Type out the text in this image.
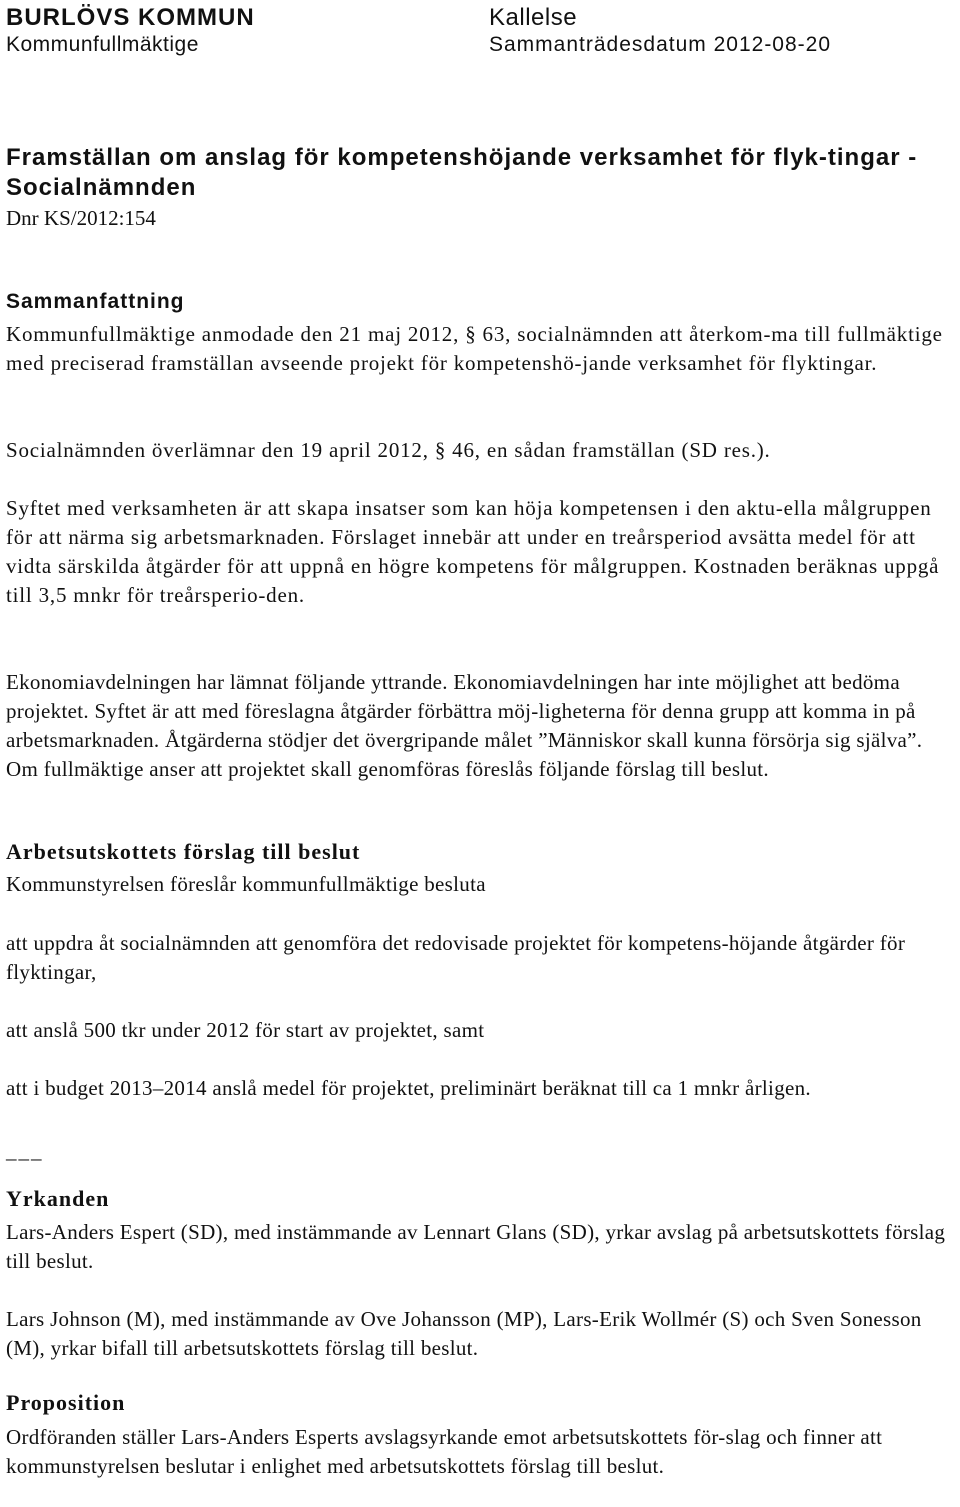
BURLÖVS KOMMUN
Kommunfullmäktige
Kallelse
Sammanträdesdatum 2012-08-20
Framställan om anslag för kompetenshöjande verksamhet för flyk-tingar - Socialnämnden
Dnr KS/2012:154
Sammanfattning
Kommunfullmäktige anmodade den 21 maj 2012, § 63, socialnämnden att återkom-ma till fullmäktige med preciserad framställan avseende projekt för kompetenshö-jande verksamhet för flyktingar.
Socialnämnden överlämnar den 19 april 2012, § 46, en sådan framställan (SD res.).
Syftet med verksamheten är att skapa insatser som kan höja kompetensen i den aktu-ella målgruppen för att närma sig arbetsmarknaden. Förslaget innebär att under en treårsperiod avsätta medel för att vidta särskilda åtgärder för att uppnå en högre kompetens för målgruppen. Kostnaden beräknas uppgå till 3,5 mnkr för treårsperio-den.
Ekonomiavdelningen har lämnat följande yttrande. Ekonomiavdelningen har inte möjlighet att bedöma projektet. Syftet är att med föreslagna åtgärder förbättra möj-ligheterna för denna grupp att komma in på arbetsmarknaden. Åtgärderna stödjer det övergripande målet ”Människor skall kunna försörja sig själva”. Om fullmäktige anser att projektet skall genomföras föreslås följande förslag till beslut.
Arbetsutskottets förslag till beslut
Kommunstyrelsen föreslår kommunfullmäktige besluta
att uppdra åt socialnämnden att genomföra det redovisade projektet för kompetens-höjande åtgärder för flyktingar,
att anslå 500 tkr under 2012 för start av projektet, samt
att i budget 2013–2014 anslå medel för projektet, preliminärt beräknat till ca 1 mnkr årligen.
___
Yrkanden
Lars-Anders Espert (SD), med instämmande av Lennart Glans (SD), yrkar avslag på arbetsutskottets förslag till beslut.
Lars Johnson (M), med instämmande av Ove Johansson (MP), Lars-Erik Wollmér (S) och Sven Sonesson (M), yrkar bifall till arbetsutskottets förslag till beslut.
Proposition
Ordföranden ställer Lars-Anders Esperts avslagsyrkande emot arbetsutskottets för-slag och finner att kommunstyrelsen beslutar i enlighet med arbetsutskottets förslag till beslut.
